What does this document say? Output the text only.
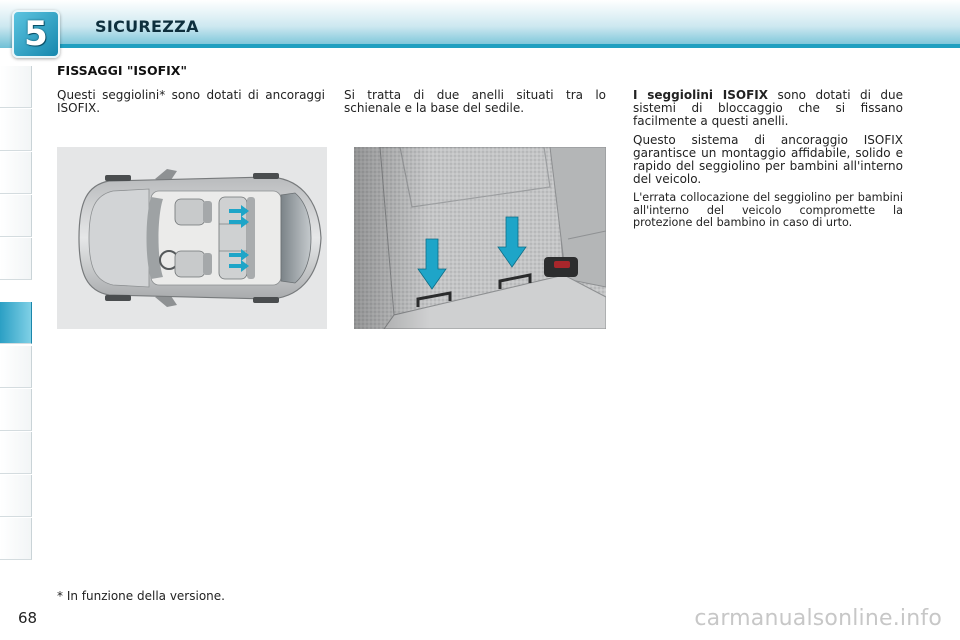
5	SICUREZZA
FISSAGGI "ISOFIX"

Questi seggiolini* sono dotati di ancoraggi ISOFIX.

Si tratta di due anelli situati tra lo schienale e la base del sedile.

I seggiolini ISOFIX sono dotati di due sistemi di bloccaggio che si fissano facilmente a questi anelli.

Questo sistema di ancoraggio ISOFIX garantisce un montaggio affidabile, solido e rapido del seggiolino per bambini all'interno del veicolo.

L'errata collocazione del seggiolino per bambini all'interno del veicolo compromette la protezione del bambino in caso di urto.

* In funzione della versione.
68	carmanualsonline.info
